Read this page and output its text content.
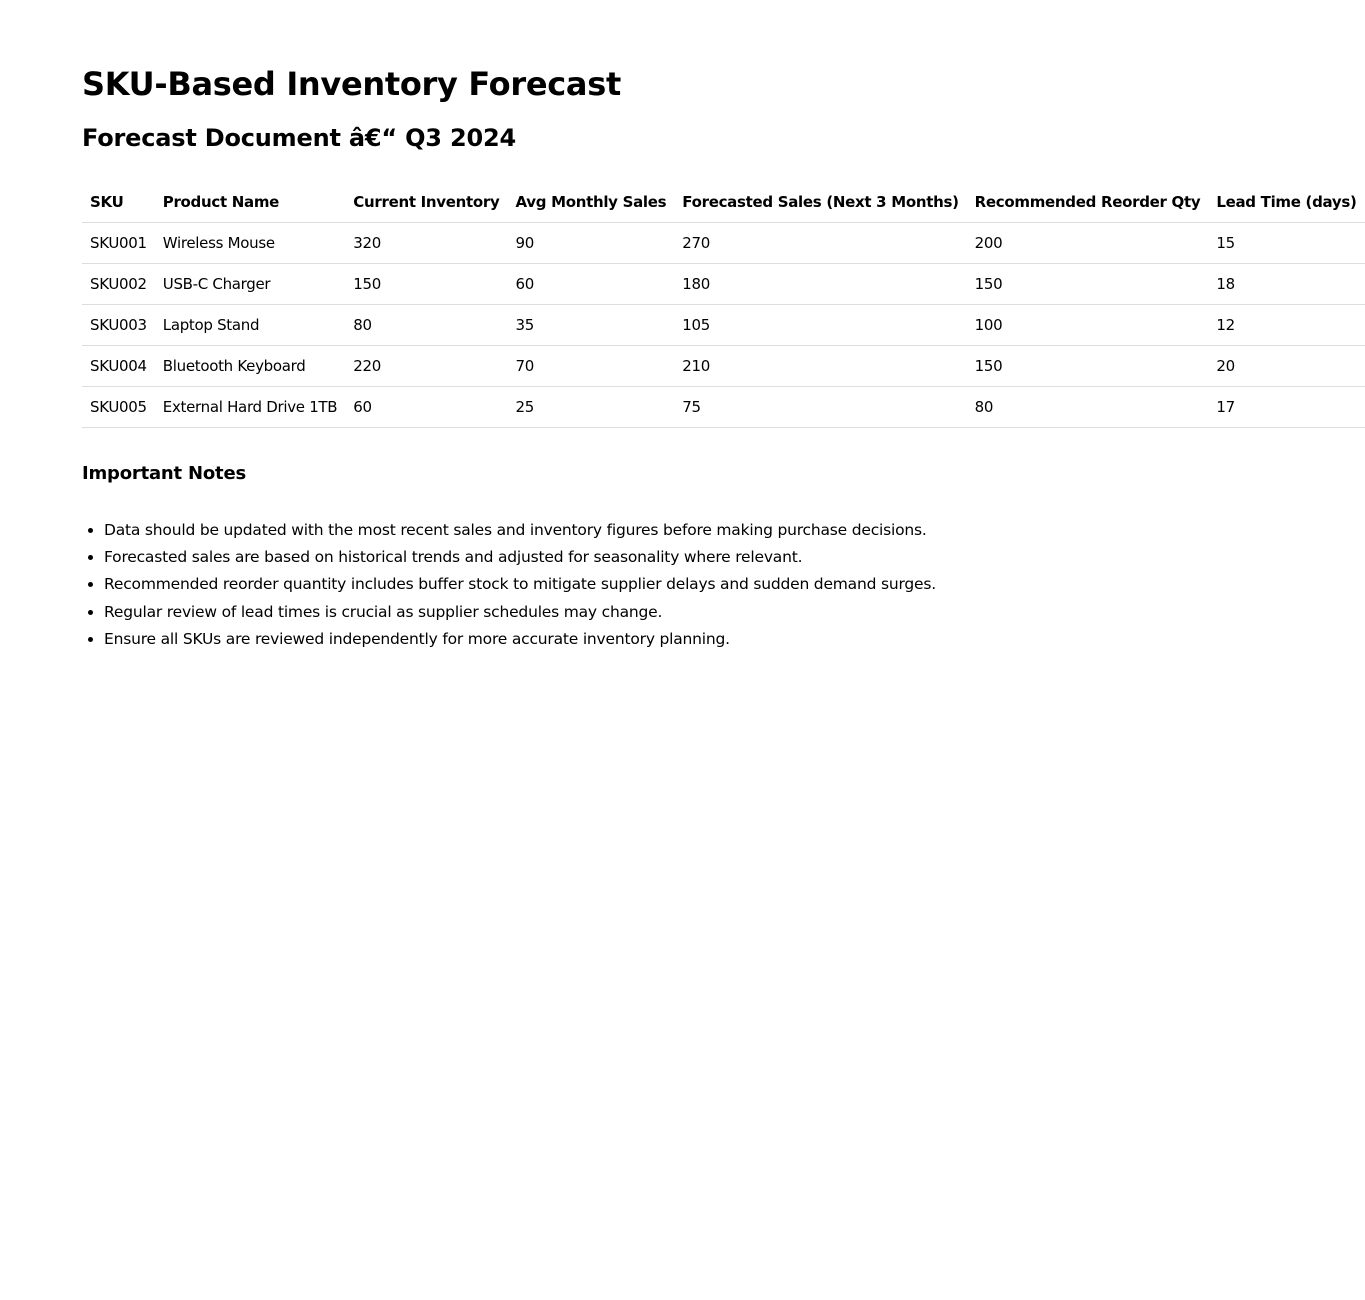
SKU-Based Inventory Forecast
Forecast Document â€“ Q3 2024
SKU	Product Name	Current Inventory	Avg Monthly Sales	Forecasted Sales (Next 3 Months)	Recommended Reorder Qty	Lead Time (days)
SKU001	Wireless Mouse	320	90	270	200	15
SKU002	USB-C Charger	150	60	180	150	18
SKU003	Laptop Stand	80	35	105	100	12
SKU004	Bluetooth Keyboard	220	70	210	150	20
SKU005	External Hard Drive 1TB	60	25	75	80	17
Important Notes
• Data should be updated with the most recent sales and inventory figures before making purchase decisions.
• Forecasted sales are based on historical trends and adjusted for seasonality where relevant.
• Recommended reorder quantity includes buffer stock to mitigate supplier delays and sudden demand surges.
• Regular review of lead times is crucial as supplier schedules may change.
• Ensure all SKUs are reviewed independently for more accurate inventory planning.
